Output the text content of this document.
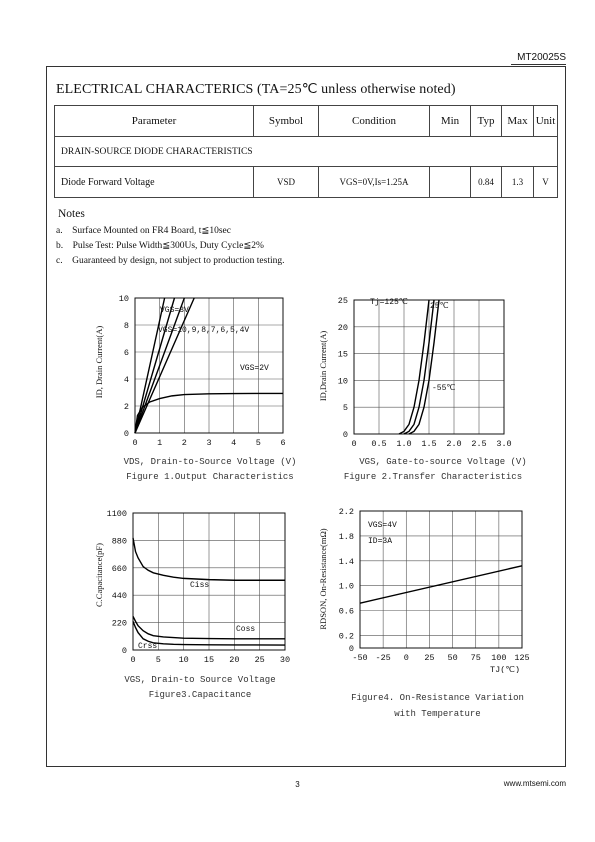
MT20025S
ELECTRICAL CHARACTERICS (TA=25℃ unless otherwise noted)
Parameter	Symbol	Condition	Min	Typ	Max	Unit
DRAIN-SOURCE DIODE CHARACTERISTICS						
Diode Forward Voltage	VSD	VGS=0V,Is=1.25A		0.84	1.3	V
Notes
a. Surface Mounted on FR4 Board, t≦10sec
b. Pulse Test: Pulse Width≦300Us, Duty Cycle≦2%
c. Guaranteed by design, not subject to production testing.
0 1 2 3 4 5 6
0
2
4
6
8
10
ID, Drain Current(A)
VGS=3V
VGS=10,9,8,7,6,5,4V
VGS=2V
VDS, Drain-to-Source Voltage (V)
Figure 1.Output Characteristics
0 0.5 1.0 1.5 2.0 2.5 3.0
0
5
10
15
20
25
ID,Drain Current(A)
Tj=125℃	25℃
-55℃
VGS, Gate-to-source Voltage (V)
Figure 2.Transfer Characteristics
0 5 10 15 20 25 30
0
220
440
660
880
1100
C.Capacitance(pF)	Ciss
Coss
Crss
VGS, Drain-to Source Voltage
Figure3.Capacitance
-50 -25 0 25 50 75 100 125
0
0.2
0.6
1.0
1.4
1.8
2.2
RDSON, On-Resistance(mΩ)
VGS=4V
ID=3A
TJ(℃)
Figure4. On-Resistance Variation with Temperature
3	www.mtsemi.com
